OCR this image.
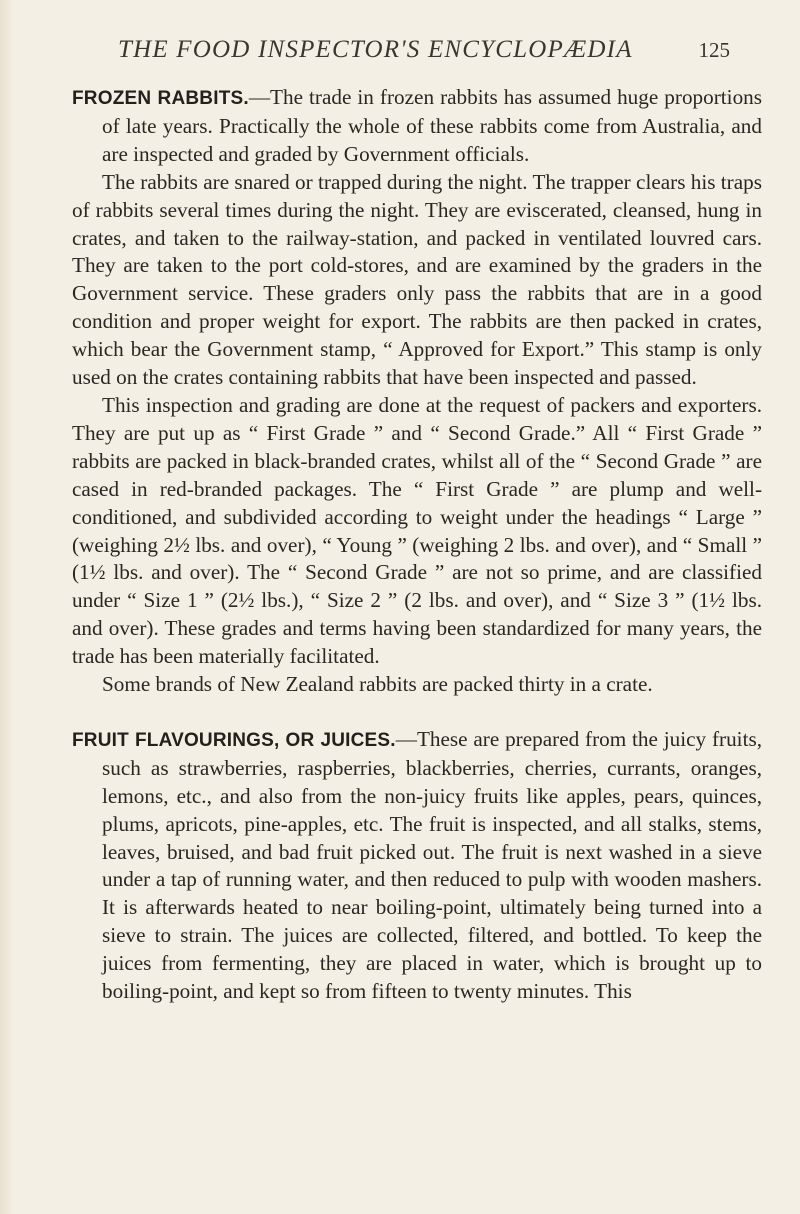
THE FOOD INSPECTOR'S ENCYCLOPÆDIA	125

FROZEN RABBITS.—The trade in frozen rabbits has assumed huge proportions of late years. Practically the whole of these rabbits come from Australia, and are inspected and graded by Government officials.

The rabbits are snared or trapped during the night. The trapper clears his traps of rabbits several times during the night. They are eviscerated, cleansed, hung in crates, and taken to the railway-station, and packed in ventilated louvred cars. They are taken to the port cold-stores, and are examined by the graders in the Government service. These graders only pass the rabbits that are in a good condition and proper weight for export. The rabbits are then packed in crates, which bear the Government stamp, “ Approved for Export.” This stamp is only used on the crates containing rabbits that have been inspected and passed.

This inspection and grading are done at the request of packers and exporters. They are put up as “ First Grade ” and “ Second Grade.” All “ First Grade ” rabbits are packed in black-branded crates, whilst all of the “ Second Grade ” are cased in red-branded packages. The “ First Grade ” are plump and well-conditioned, and subdivided according to weight under the headings “ Large ” (weighing 2½ lbs. and over), “ Young ” (weighing 2 lbs. and over), and “ Small ” (1½ lbs. and over). The “ Second Grade ” are not so prime, and are classified under “ Size 1 ” (2½ lbs.), “ Size 2 ” (2 lbs. and over), and “ Size 3 ” (1½ lbs. and over). These grades and terms having been standardized for many years, the trade has been materially facilitated.

Some brands of New Zealand rabbits are packed thirty in a crate.

FRUIT FLAVOURINGS, OR JUICES.—These are prepared from the juicy fruits, such as strawberries, raspberries, blackberries, cherries, currants, oranges, lemons, etc., and also from the non-juicy fruits like apples, pears, quinces, plums, apricots, pine-apples, etc. The fruit is inspected, and all stalks, stems, leaves, bruised, and bad fruit picked out. The fruit is next washed in a sieve under a tap of running water, and then reduced to pulp with wooden mashers. It is afterwards heated to near boiling-point, ultimately being turned into a sieve to strain. The juices are collected, filtered, and bottled. To keep the juices from fermenting, they are placed in water, which is brought up to boiling-point, and kept so from fifteen to twenty minutes. This
